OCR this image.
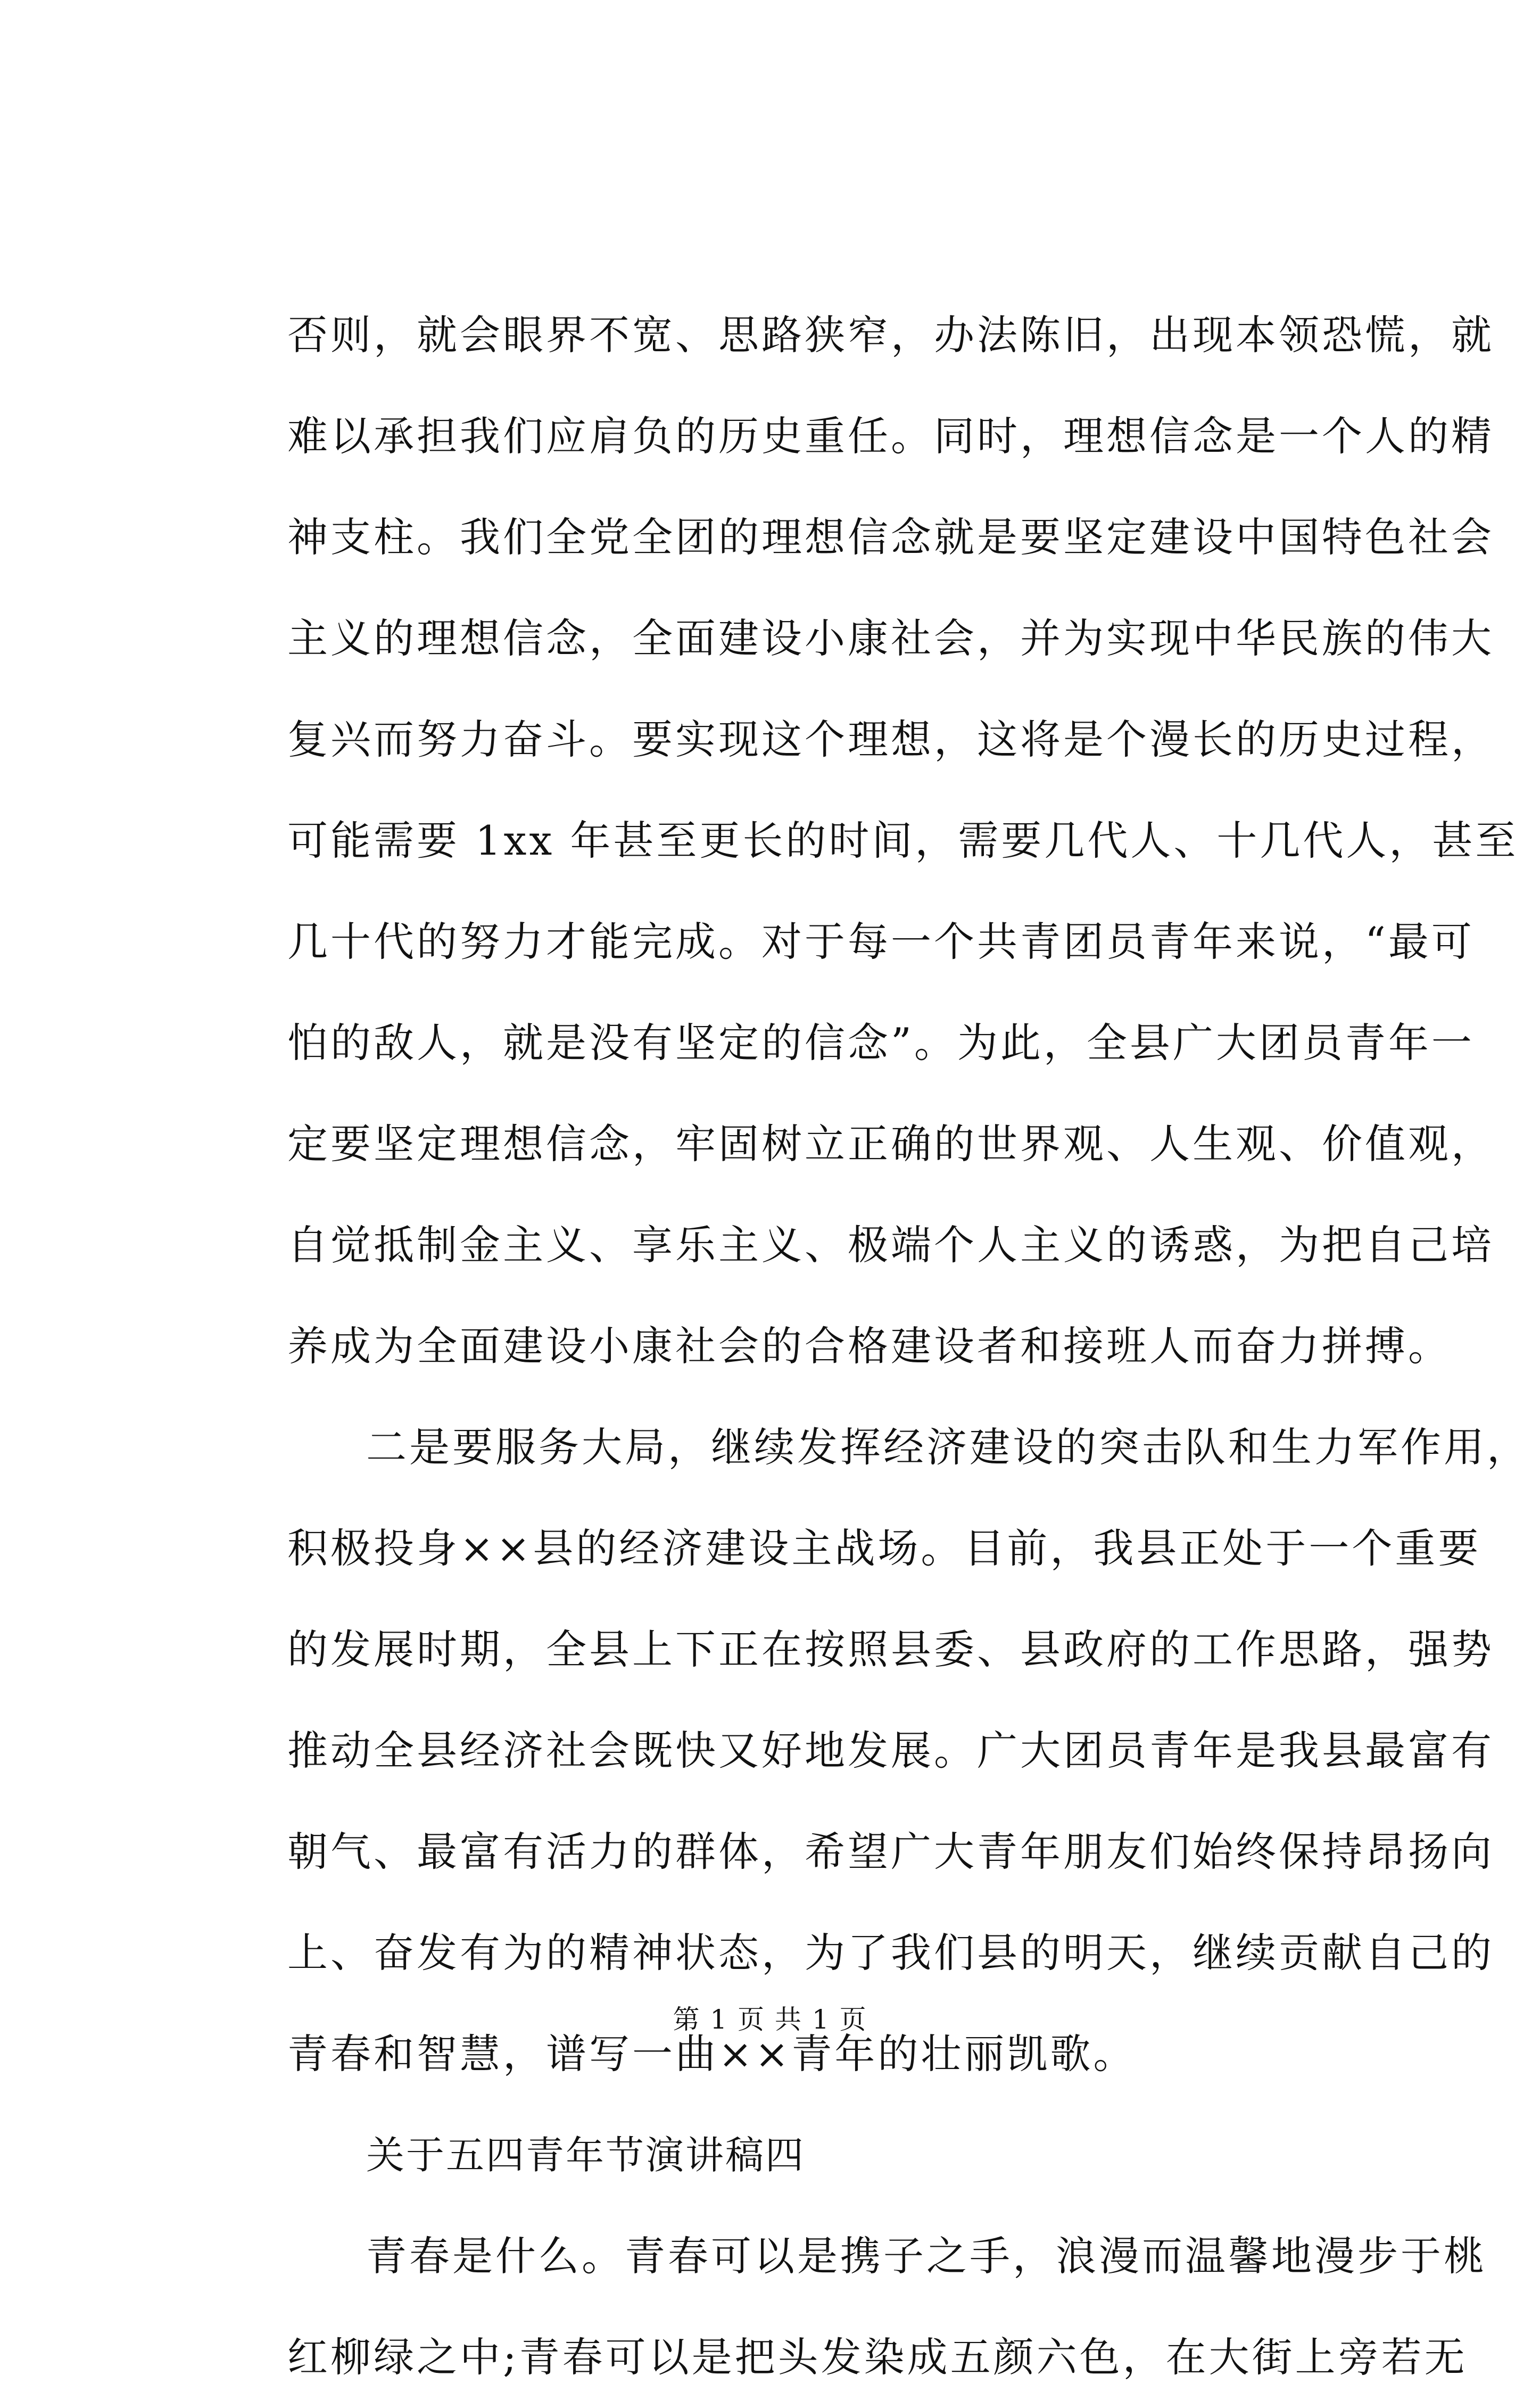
否则，就会眼界不宽、思路狭窄，办法陈旧，出现本领恐慌，就
难以承担我们应肩负的历史重任。同时，理想信念是一个人的精
神支柱。我们全党全团的理想信念就是要坚定建设中国特色社会
主义的理想信念，全面建设小康社会，并为实现中华民族的伟大
复兴而努力奋斗。要实现这个理想，这将是个漫长的历史过程，
可能需要 1xx 年甚至更长的时间，需要几代人、十几代人，甚至
几十代的努力才能完成。对于每一个共青团员青年来说，“最可
怕的敌人，就是没有坚定的信念”。为此，全县广大团员青年一
定要坚定理想信念，牢固树立正确的世界观、人生观、价值观，
自觉抵制金主义、享乐主义、极端个人主义的诱惑，为把自己培
养成为全面建设小康社会的合格建设者和接班人而奋力拼搏。
二是要服务大局，继续发挥经济建设的突击队和生力军作用，
积极投身××县的经济建设主战场。目前，我县正处于一个重要
的发展时期，全县上下正在按照县委、县政府的工作思路，强势
推动全县经济社会既快又好地发展。广大团员青年是我县最富有
朝气、最富有活力的群体，希望广大青年朋友们始终保持昂扬向
上、奋发有为的精神状态，为了我们县的明天，继续贡献自己的
青春和智慧，谱写一曲××青年的壮丽凯歌。
关于五四青年节演讲稿四
青春是什么。青春可以是携子之手，浪漫而温馨地漫步于桃
红柳绿之中;青春可以是把头发染成五颜六色，在大街上旁若无
第 1 页 共 1 页
